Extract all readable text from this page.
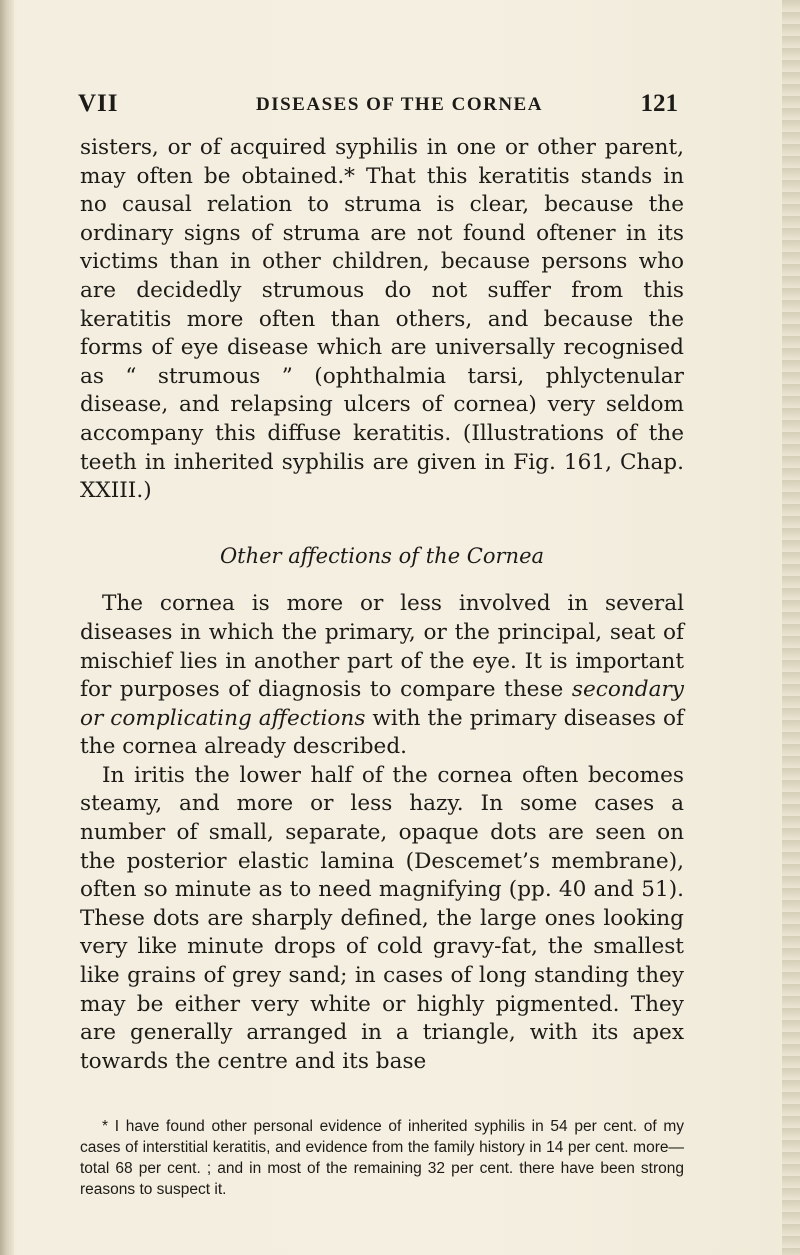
VII	DISEASES OF THE CORNEA	121

sisters, or of acquired syphilis in one or other parent, may often be obtained.* That this keratitis stands in no causal relation to struma is clear, because the ordinary signs of struma are not found oftener in its victims than in other children, because persons who are decidedly strumous do not suffer from this keratitis more often than others, and because the forms of eye disease which are universally recognised as “ strumous ” (ophthalmia tarsi, phlyctenular disease, and relapsing ulcers of cornea) very seldom accompany this diffuse keratitis. (Illustrations of the teeth in inherited syphilis are given in Fig. 161, Chap. XXIII.)

Other affections of the Cornea

The cornea is more or less involved in several diseases in which the primary, or the principal, seat of mischief lies in another part of the eye. It is important for purposes of diagnosis to compare these secondary or complicating affections with the primary diseases of the cornea already described.

In iritis the lower half of the cornea often becomes steamy, and more or less hazy. In some cases a number of small, separate, opaque dots are seen on the posterior elastic lamina (Descemet’s membrane), often so minute as to need magnifying (pp. 40 and 51). These dots are sharply defined, the large ones looking very like minute drops of cold gravy-fat, the smallest like grains of grey sand; in cases of long standing they may be either very white or highly pigmented. They are generally arranged in a triangle, with its apex towards the centre and its base

* I have found other personal evidence of inherited syphilis in 54 per cent. of my cases of interstitial keratitis, and evidence from the family history in 14 per cent. more—total 68 per cent. ; and in most of the remaining 32 per cent. there have been strong reasons to suspect it.
